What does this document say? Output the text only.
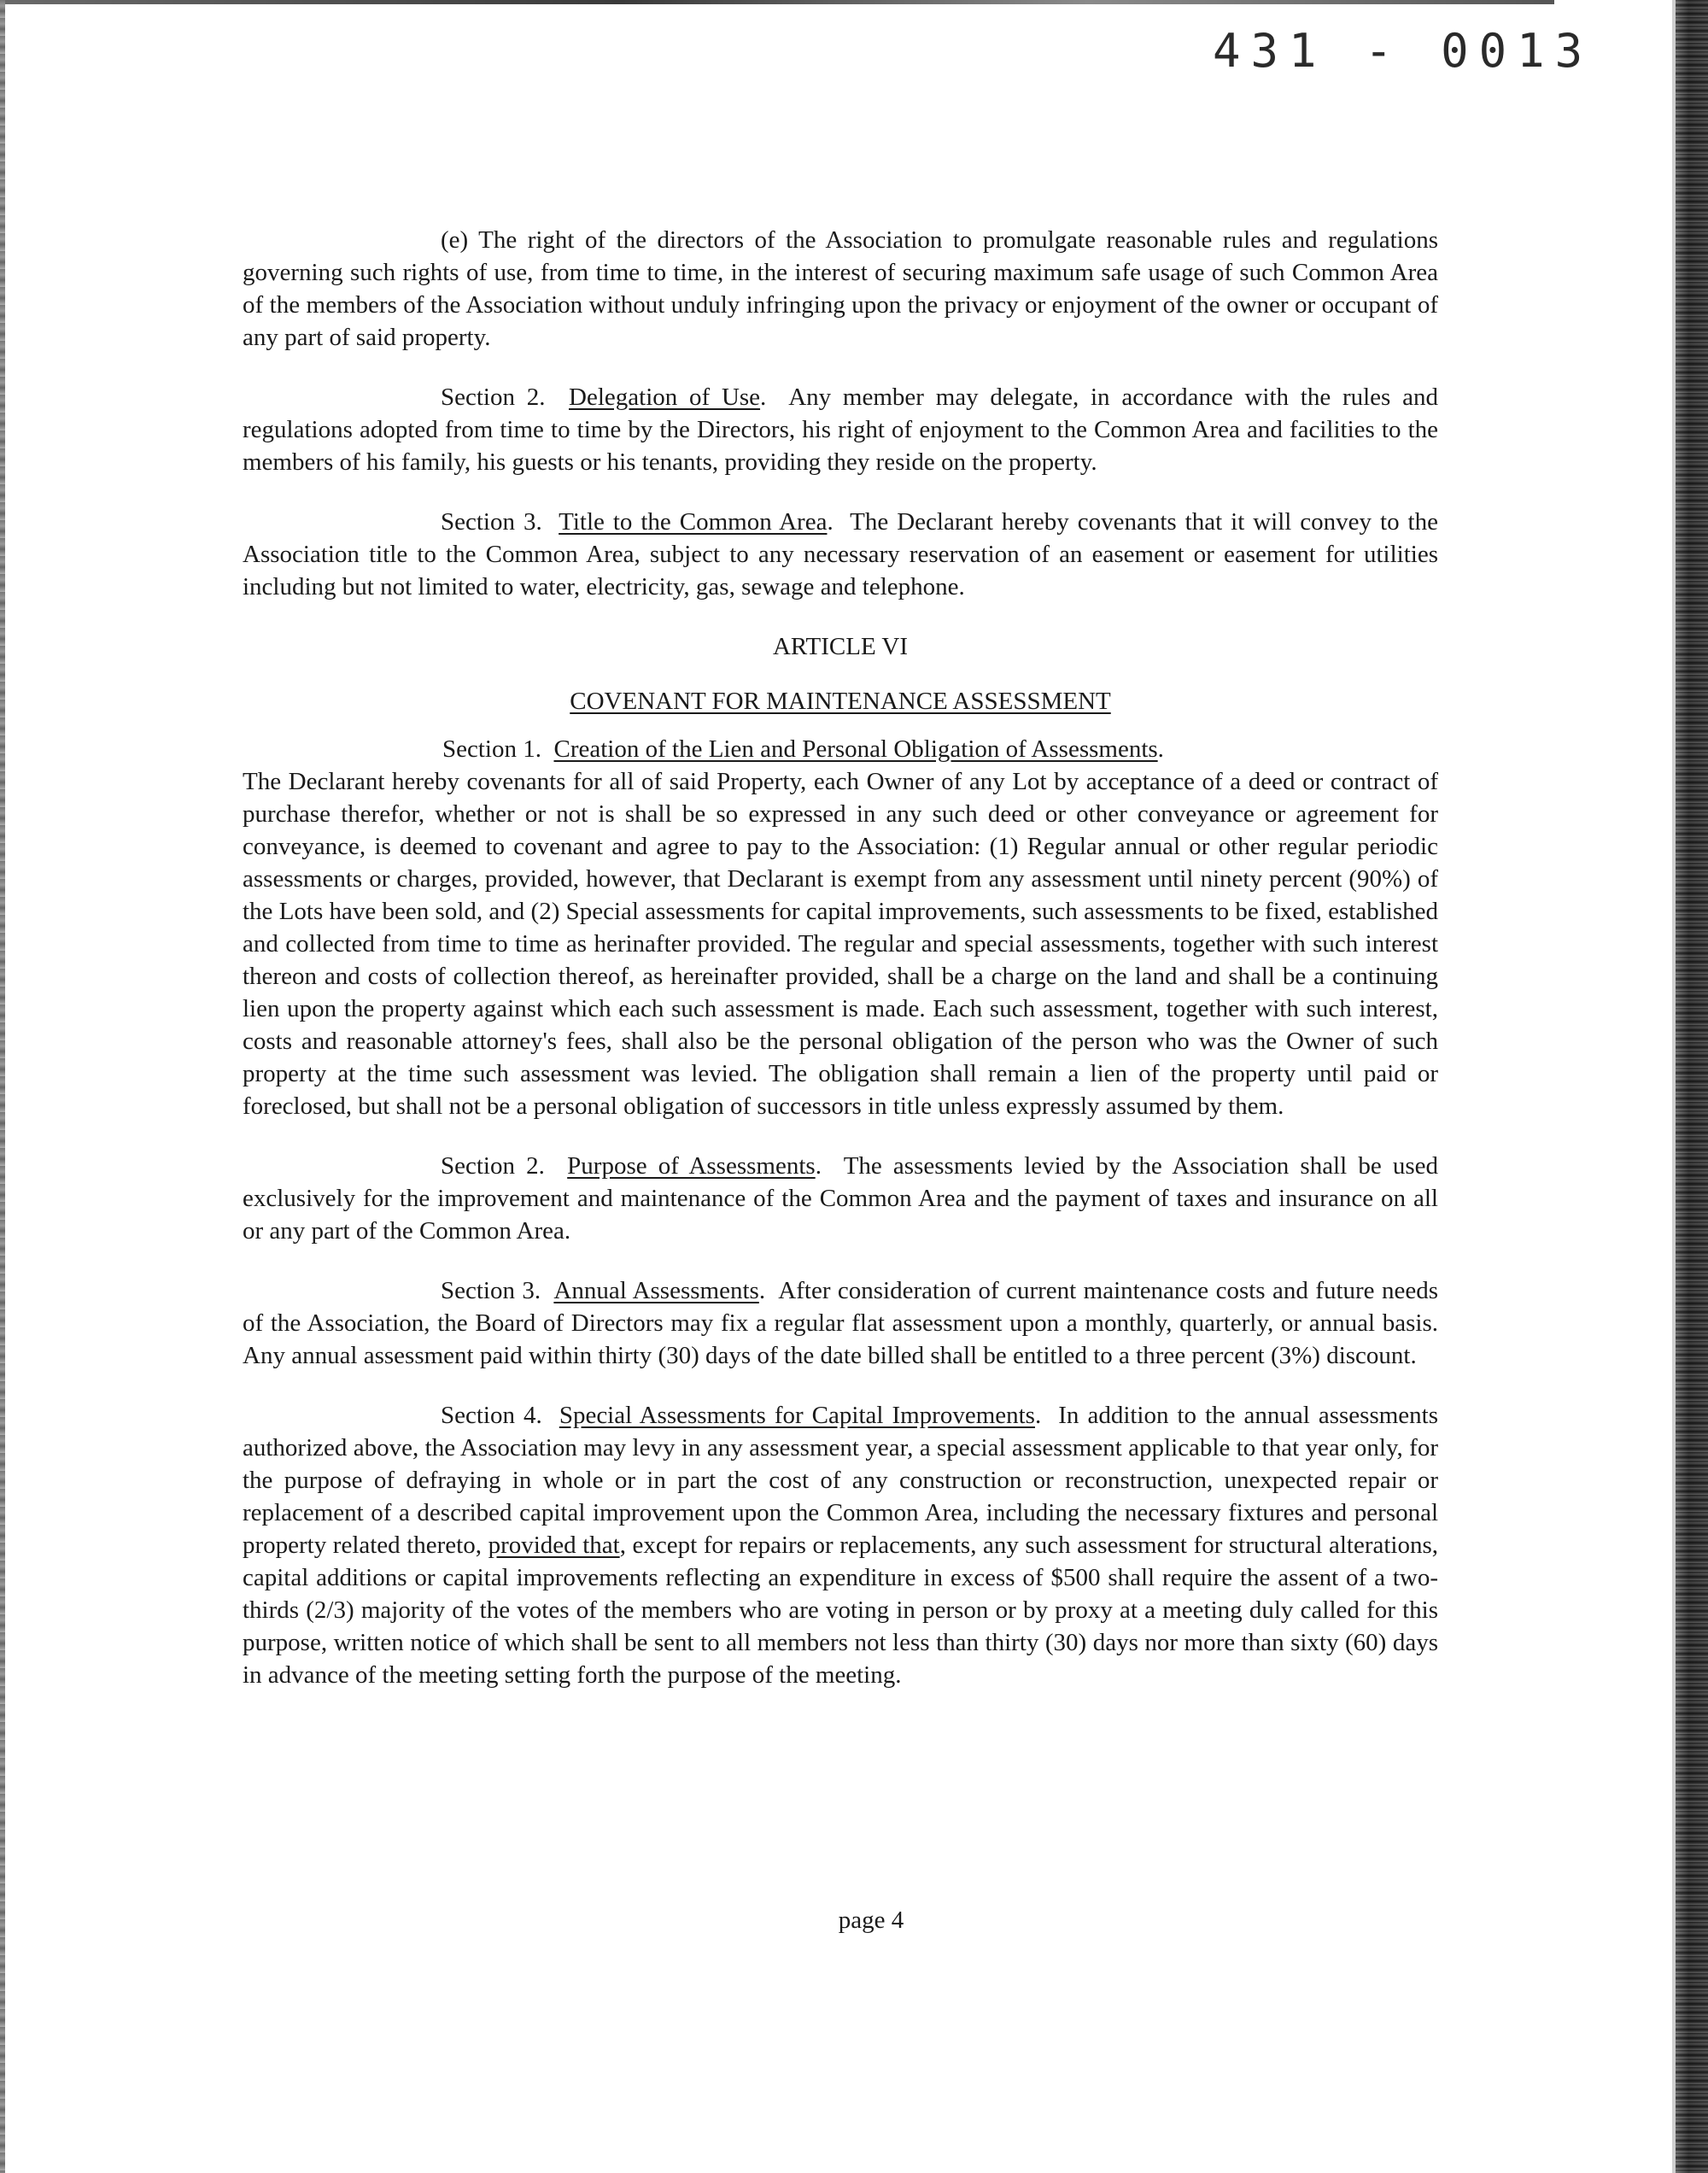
431 - 0013

(e) The right of the directors of the Association to promulgate reasonable rules and regulations governing such rights of use, from time to time, in the interest of securing maximum safe usage of such Common Area of the members of the Association without unduly infringing upon the privacy or enjoyment of the owner or occupant of any part of said property.

Section 2. Delegation of Use.  Any member may delegate, in accordance with the rules and regulations adopted from time to time by the Directors, his right of enjoyment to the Common Area and facilities to the members of his family, his guests or his tenants, providing they reside on the property.

Section 3. Title to the Common Area.  The Declarant hereby covenants that it will convey to the Association title to the Common Area, subject to any necessary reservation of an easement or easement for utilities including but not limited to water, electricity, gas, sewage and telephone.

ARTICLE VI

COVENANT FOR MAINTENANCE ASSESSMENT

Section 1. Creation of the Lien and Personal Obligation of Assessments.
The Declarant hereby covenants for all of said Property, each Owner of any Lot by acceptance of a deed or contract of purchase therefor, whether or not is shall be so expressed in any such deed or other conveyance or agreement for conveyance, is deemed to covenant and agree to pay to the Association: (1) Regular annual or other regular periodic assessments or charges, provided, however, that Declarant is exempt from any assessment until ninety percent (90%) of the Lots have been sold, and (2) Special assessments for capital improvements, such assessments to be fixed, established and collected from time to time as herinafter provided. The regular and special assessments, together with such interest thereon and costs of collection thereof, as hereinafter provided, shall be a charge on the land and shall be a continuing lien upon the property against which each such assessment is made. Each such assessment, together with such interest, costs and reasonable attorney's fees, shall also be the personal obligation of the person who was the Owner of such property at the time such assessment was levied. The obligation shall remain a lien of the property until paid or foreclosed, but shall not be a personal obligation of successors in title unless expressly assumed by them.

Section 2. Purpose of Assessments.  The assessments levied by the Association shall be used exclusively for the improvement and maintenance of the Common Area and the payment of taxes and insurance on all or any part of the Common Area.

Section 3. Annual Assessments.  After consideration of current maintenance costs and future needs of the Association, the Board of Directors may fix a regular flat assessment upon a monthly, quarterly, or annual basis. Any annual assessment paid within thirty (30) days of the date billed shall be entitled to a three percent (3%) discount.

Section 4. Special Assessments for Capital Improvements.  In addition to the annual assessments authorized above, the Association may levy in any assessment year, a special assessment applicable to that year only, for the purpose of defraying in whole or in part the cost of any construction or reconstruction, unexpected repair or replacement of a described capital improvement upon the Common Area, including the necessary fixtures and personal property related thereto, provided that, except for repairs or replacements, any such assessment for structural alterations, capital additions or capital improvements reflecting an expenditure in excess of $500 shall require the assent of a two-thirds (2/3) majority of the votes of the members who are voting in person or by proxy at a meeting duly called for this purpose, written notice of which shall be sent to all members not less than thirty (30) days nor more than sixty (60) days in advance of the meeting setting forth the purpose of the meeting.

page 4
